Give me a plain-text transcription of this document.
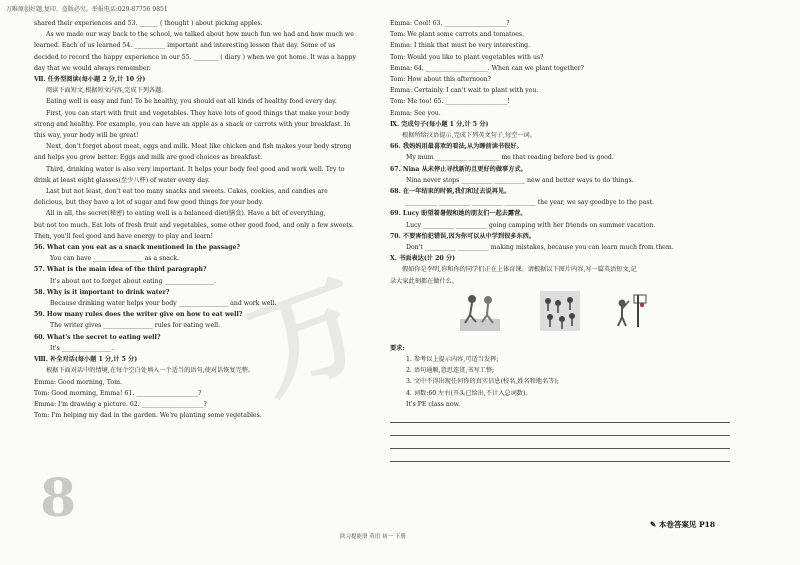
万
万唯原创好题,复印、盗版必究。举报电话:029-87756 9851
shared their experiences and 53. ______ ( thought ) about picking apples.
As we made our way back to the school, we talked about how much fun we had and how much we
learned. Each of us learned 54. __________ important and interesting lesson that day. Some of us
decided to record the happy experience in our 55. ________ ( diary ) when we got home. It was a happy
day that we would always remember.
Ⅶ. 任务型阅读(每小题 2 分,计 10 分)
阅读下面短文,根据短文内容,完成下列各题。
Eating well is easy and fun! To be healthy, you should eat all kinds of healthy food every day.
First, you can start with fruit and vegetables. They have lots of good things that make your body
strong and healthy. For example, you can have an apple as a snack or carrots with your breakfast. In
this way, your body will be great!
Next, don't forget about meat, eggs and milk. Meat like chicken and fish makes your body strong
and helps you grow better. Eggs and milk are good choices as breakfast.
Third, drinking water is also very important. It helps your body feel good and work well. Try to
drink at least eight glasses(至少八杯) of water every day.
Last but not least, don't eat too many snacks and sweets. Cakes, cookies, and candies are
delicious, but they have a lot of sugar and few good things for your body.
All in all, the secret(秘密) to eating well is a balanced diet(膳食). Have a bit of everything,
but not too much. Eat lots of fresh fruit and vegetables, some other good food, and only a few sweets.
Then, you'll feel good and have energy to play and learn!
56. What can you eat as a snack mentioned in the passage?
You can have ________________ as a snack.
57. What is the main idea of the third paragraph?
It's about not to forget about eating ________________.
58. Why is it important to drink water?
Because drinking water helps your body ________________ and work well.
59. How many rules does the writer give on how to eat well?
The writer gives ________________ rules for eating well.
60. What's the secret to eating well?
It's ________________.
Ⅷ. 补全对话(每小题 1 分,计 5 分)
根据下面对话中的情境,在每个空白处填入一个适当的语句,使对话恢复完整。
Emma: Good morning, Tom.
Tom: Good morning, Emma! 61. ____________________?
Emma: I'm drawing a picture. 62. ____________________?
Tom: I'm helping my dad in the garden. We're planting some vegetables.
8
Emma: Cool! 63. ____________________?
Tom: We plant some carrots and tomatoes.
Emma: I think that must be very interesting.
Tom: Would you like to plant vegetables with us?
Emma: 64. ____________________. When can we plant together?
Tom: How about this afternoon?
Emma: Certainly. I can't wait to plant with you.
Tom: Me too! 65. ____________________!
Emma: See you.
Ⅸ. 完成句子(每小题 1 分,计 5 分)
根据所给汉语提示,完成下列英文句子,每空一词。
66. 我妈妈用最喜欢的看法,从为睡前读书很好。
My mum __________ __________ me that reading before bed is good.
67. Nina 从未停止寻找新的且更好的做事方式。
Nina never stops __________ __________ new and better ways to do things.
68. 在一年结束的时候,我们和过去说再见。
__________ __________ __________ __________ the year, we say goodbye to the past.
69. Lucy 盼望着暑假和她的朋友们一起去露营。
Lucy __________ __________ going camping with her friends on summer vacation.
70. 不要害怕犯错误,因为你可以从中学到很多东西。
Don't __________ __________ making mistakes, because you can learn much from them.
X. 书面表达(计 20 分)
假如你是李明,你和你的同学们正在上体育课。请根据以下图片内容,写一篇英语短文,记
录大家此刻都在做什么。
要求:
1. 参考以上提示内容,可适当发挥;
2. 语句通顺,意思连贯,书写工整;
3. 文中不得出现任何你的真实信息(校名,姓名和地名等);
4. 词数:60 左右(开头已给出,不计入总词数)。
It's PE class now.
✎ 本卷答案见 P18
陕习提能册 英语 初一 下册
